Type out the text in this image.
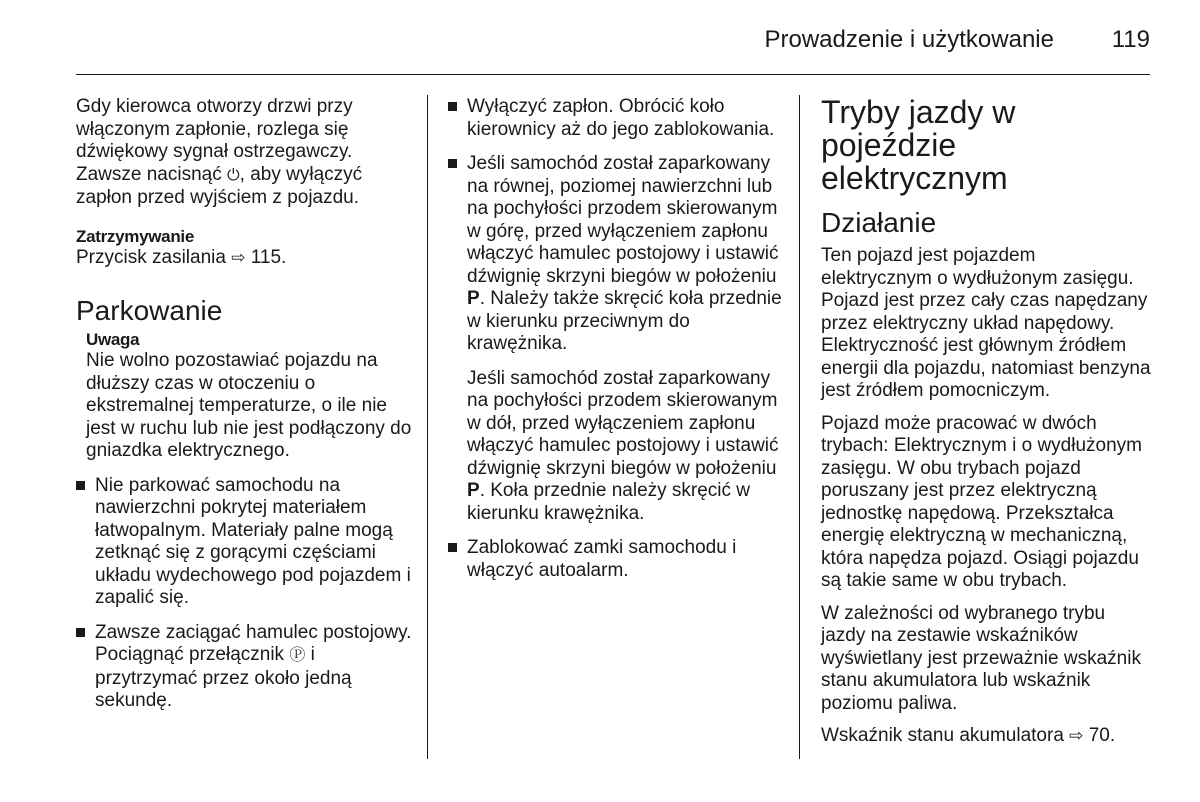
Prowadzenie i użytkowanie 119

Gdy kierowca otworzy drzwi przy włączonym zapłonie, rozlega się dźwiękowy sygnał ostrzegawczy.

Zawsze nacisnąć ⏻, aby wyłączyć zapłon przed wyjściem z pojazdu.

Zatrzymywanie

Przycisk zasilania ⇨ 115.

Parkowanie
Uwaga

Nie wolno pozostawiać pojazdu na dłuższy czas w otoczeniu o ekstremalnej temperaturze, o ile nie jest w ruchu lub nie jest podłączony do gniazdka elektrycznego.

Nie parkować samochodu na nawierzchni pokrytej materiałem łatwopalnym. Materiały palne mogą zetknąć się z gorącymi częściami układu wydechowego pod pojazdem i zapalić się.
Zawsze zaciągać hamulec postojowy. Pociągnąć przełącznik Ⓟ i przytrzymać przez około jedną sekundę.
Wyłączyć zapłon. Obrócić koło kierownicy aż do jego zablokowania.
Jeśli samochód został zaparkowany na równej, poziomej nawierzchni lub na pochyłości przodem skierowanym w górę, przed wyłączeniem zapłonu włączyć hamulec postojowy i ustawić dźwignię skrzyni biegów w położeniu P. Należy także skręcić koła przednie w kierunku przeciwnym do krawężnika.
Jeśli samochód został zaparkowany na pochyłości przodem skierowanym w dół, przed wyłączeniem zapłonu włączyć hamulec postojowy i ustawić dźwignię skrzyni biegów w położeniu P. Koła przednie należy skręcić w kierunku krawężnika.
Zablokować zamki samochodu i włączyć autoalarm.
Tryby jazdy w pojeździe elektrycznym
Działanie

Ten pojazd jest pojazdem elektrycznym o wydłużonym zasięgu. Pojazd jest przez cały czas napędzany przez elektryczny układ napędowy. Elektryczność jest głównym źródłem energii dla pojazdu, natomiast benzyna jest źródłem pomocniczym.

Pojazd może pracować w dwóch trybach: Elektrycznym i o wydłużonym zasięgu. W obu trybach pojazd poruszany jest przez elektryczną jednostkę napędową. Przekształca energię elektryczną w mechaniczną, która napędza pojazd. Osiągi pojazdu są takie same w obu trybach.

W zależności od wybranego trybu jazdy na zestawie wskaźników wyświetlany jest przeważnie wskaźnik stanu akumulatora lub wskaźnik poziomu paliwa.

Wskaźnik stanu akumulatora ⇨ 70.
